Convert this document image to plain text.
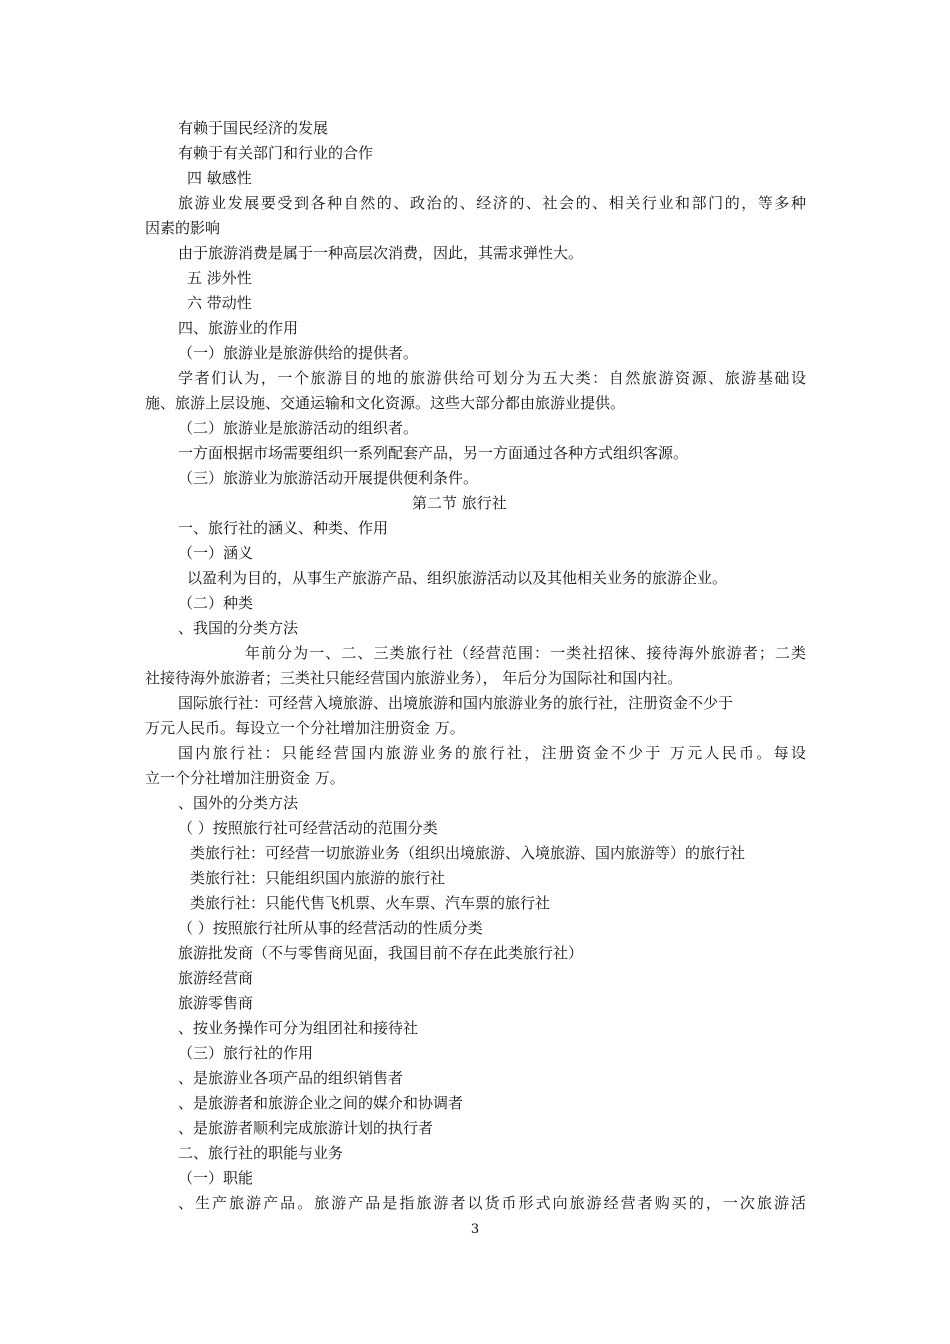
有赖于国民经济的发展
有赖于有关部门和行业的合作
四 敏感性
旅游业发展要受到各种自然的、政治的、经济的、社会的、相关行业和部门的，等多种
因素的影响
由于旅游消费是属于一种高层次消费，因此，其需求弹性大。
五 涉外性
六 带动性
四、旅游业的作用
（一）旅游业是旅游供给的提供者。
学者们认为，一个旅游目的地的旅游供给可划分为五大类：自然旅游资源、旅游基础设
施、旅游上层设施、交通运输和文化资源。这些大部分都由旅游业提供。
（二）旅游业是旅游活动的组织者。
一方面根据市场需要组织一系列配套产品，另一方面通过各种方式组织客源。
（三）旅游业为旅游活动开展提供便利条件。
第二节 旅行社
一、旅行社的涵义、种类、作用
（一）涵义
以盈利为目的，从事生产旅游产品、组织旅游活动以及其他相关业务的旅游企业。
（二）种类
、我国的分类方法
年前分为一、二、三类旅行社（经营范围：一类社招徕、接待海外旅游者；二类
社接待海外旅游者；三类社只能经营国内旅游业务）， 年后分为国际社和国内社。
国际旅行社：可经营入境旅游、出境旅游和国内旅游业务的旅行社，注册资金不少于
万元人民币。每设立一个分社增加注册资金 万。
国内旅行社：只能经营国内旅游业务的旅行社，注册资金不少于 万元人民币。每设
立一个分社增加注册资金 万。
、国外的分类方法
（ ）按照旅行社可经营活动的范围分类
类旅行社：可经营一切旅游业务（组织出境旅游、入境旅游、国内旅游等）的旅行社
类旅行社：只能组织国内旅游的旅行社
类旅行社：只能代售飞机票、火车票、汽车票的旅行社
（ ）按照旅行社所从事的经营活动的性质分类
旅游批发商（不与零售商见面，我国目前不存在此类旅行社）
旅游经营商
旅游零售商
、按业务操作可分为组团社和接待社
（三）旅行社的作用
、是旅游业各项产品的组织销售者
、是旅游者和旅游企业之间的媒介和协调者
、是旅游者顺利完成旅游计划的执行者
二、旅行社的职能与业务
（一）职能
、生产旅游产品。旅游产品是指旅游者以货币形式向旅游经营者购买的，一次旅游活
3
